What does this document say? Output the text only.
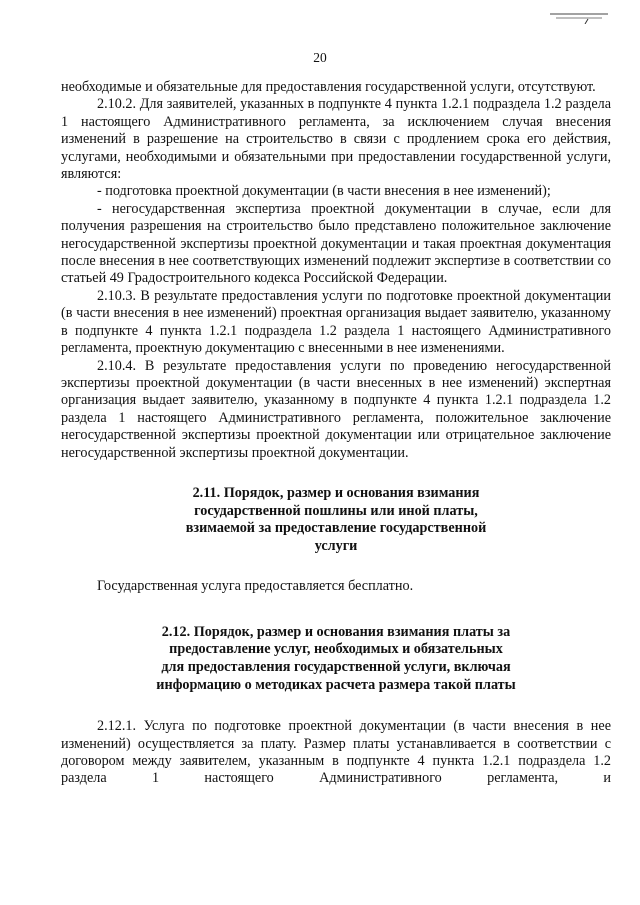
20

необходимые и обязательные для предоставления государственной услуги, отсутствуют.

2.10.2. Для заявителей, указанных в подпункте 4 пункта 1.2.1 подраздела 1.2 раздела 1 настоящего Административного регламента, за исключением случая внесения изменений в разрешение на строительство в связи с продлением срока его действия, услугами, необходимыми и обязательными при предоставлении государственной услуги, являются:

- подготовка проектной документации (в части внесения в нее изменений);

- негосударственная экспертиза проектной документации в случае, если для получения разрешения на строительство было представлено положительное заключение негосударственной экспертизы проектной документации и такая проектная документация после внесения в нее соответствующих изменений подлежит экспертизе в соответствии со статьей 49 Градостроительного кодекса Российской Федерации.

2.10.3. В результате предоставления услуги по подготовке проектной документации (в части внесения в нее изменений) проектная организация выдает заявителю, указанному в подпункте 4 пункта 1.2.1 подраздела 1.2 раздела 1 настоящего Административного регламента, проектную документацию с внесенными в нее изменениями.

2.10.4. В результате предоставления услуги по проведению негосударственной экспертизы проектной документации (в части внесенных в нее изменений) экспертная организация выдает заявителю, указанному в подпункте 4 пункта 1.2.1 подраздела 1.2 раздела 1 настоящего Административного регламента, положительное заключение негосударственной экспертизы проектной документации или отрицательное заключение негосударственной экспертизы проектной документации.

2.11. Порядок, размер и основания взимания государственной пошлины или иной платы, взимаемой за предоставление государственной услуги

Государственная услуга предоставляется бесплатно.

2.12. Порядок, размер и основания взимания платы за предоставление услуг, необходимых и обязательных для предоставления государственной услуги, включая информацию о методиках расчета размера такой платы

2.12.1. Услуга по подготовке проектной документации (в части внесения в нее изменений) осуществляется за плату. Размер платы устанавливается в соответствии с договором между заявителем, указанным в подпункте 4 пункта 1.2.1 подраздела 1.2 раздела 1 настоящего Административного регламента, и
